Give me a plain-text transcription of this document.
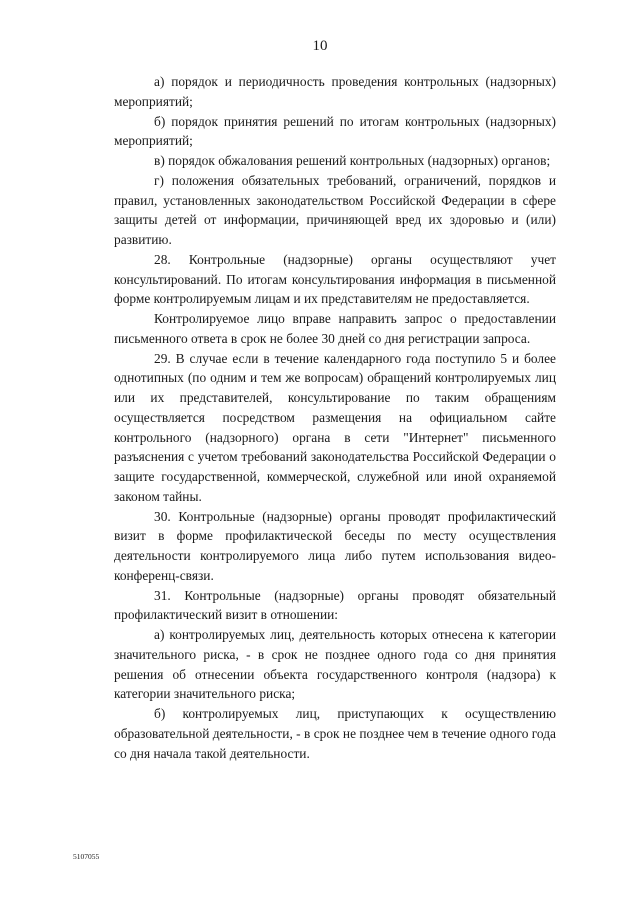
10

а) порядок и периодичность проведения контрольных (надзорных) мероприятий;

б) порядок принятия решений по итогам контрольных (надзорных) мероприятий;

в) порядок обжалования решений контрольных (надзорных) органов;

г) положения обязательных требований, ограничений, порядков и правил, установленных законодательством Российской Федерации в сфере защиты детей от информации, причиняющей вред их здоровью и (или) развитию.

28. Контрольные (надзорные) органы осуществляют учет консультирований. По итогам консультирования информация в письменной форме контролируемым лицам и их представителям не предоставляется.

Контролируемое лицо вправе направить запрос о предоставлении письменного ответа в срок не более 30 дней со дня регистрации запроса.

29. В случае если в течение календарного года поступило 5 и более однотипных (по одним и тем же вопросам) обращений контролируемых лиц или их представителей, консультирование по таким обращениям осуществляется посредством размещения на официальном сайте контрольного (надзорного) органа в сети "Интернет" письменного разъяснения с учетом требований законодательства Российской Федерации о защите государственной, коммерческой, служебной или иной охраняемой законом тайны.

30. Контрольные (надзорные) органы проводят профилактический визит в форме профилактической беседы по месту осуществления деятельности контролируемого лица либо путем использования видео-конференц-связи.

31. Контрольные (надзорные) органы проводят обязательный профилактический визит в отношении:

а) контролируемых лиц, деятельность которых отнесена к категории значительного риска, - в срок не позднее одного года со дня принятия решения об отнесении объекта государственного контроля (надзора) к категории значительного риска;

б) контролируемых лиц, приступающих к осуществлению образовательной деятельности, - в срок не позднее чем в течение одного года со дня начала такой деятельности.

5107055
